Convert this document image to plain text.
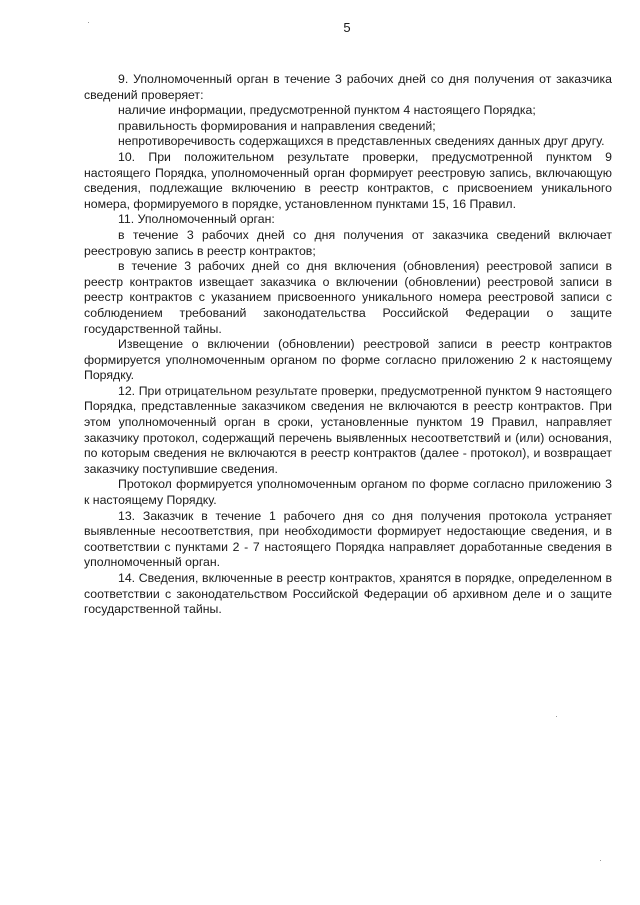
5

9. Уполномоченный орган в течение 3 рабочих дней со дня получения от заказчика сведений проверяет:

наличие информации, предусмотренной пунктом 4 настоящего Порядка;

правильность формирования и направления сведений;

непротиворечивость содержащихся в представленных сведениях данных друг другу.

10. При положительном результате проверки, предусмотренной пунктом 9 настоящего Порядка, уполномоченный орган формирует реестровую запись, включающую сведения, подлежащие включению в реестр контрактов, с присвоением уникального номера, формируемого в порядке, установленном пунктами 15, 16 Правил.

11. Уполномоченный орган:

в течение 3 рабочих дней со дня получения от заказчика сведений включает реестровую запись в реестр контрактов;

в течение 3 рабочих дней со дня включения (обновления) реестровой записи в реестр контрактов извещает заказчика о включении (обновлении) реестровой записи в реестр контрактов с указанием присвоенного уникального номера реестровой записи с соблюдением требований законодательства Российской Федерации о защите государственной тайны.

Извещение о включении (обновлении) реестровой записи в реестр контрактов формируется уполномоченным органом по форме согласно приложению 2 к настоящему Порядку.

12. При отрицательном результате проверки, предусмотренной пунктом 9 настоящего Порядка, представленные заказчиком сведения не включаются в реестр контрактов. При этом уполномоченный орган в сроки, установленные пунктом 19 Правил, направляет заказчику протокол, содержащий перечень выявленных несоответствий и (или) основания, по которым сведения не включаются в реестр контрактов (далее - протокол), и возвращает заказчику поступившие сведения.

Протокол формируется уполномоченным органом по форме согласно приложению 3 к настоящему Порядку.

13. Заказчик в течение 1 рабочего дня со дня получения протокола устраняет выявленные несоответствия, при необходимости формирует недостающие сведения, и в соответствии с пунктами 2 - 7 настоящего Порядка направляет доработанные сведения в уполномоченный орган.

14. Сведения, включенные в реестр контрактов, хранятся в порядке, определенном в соответствии с законодательством Российской Федерации об архивном деле и о защите государственной тайны.
